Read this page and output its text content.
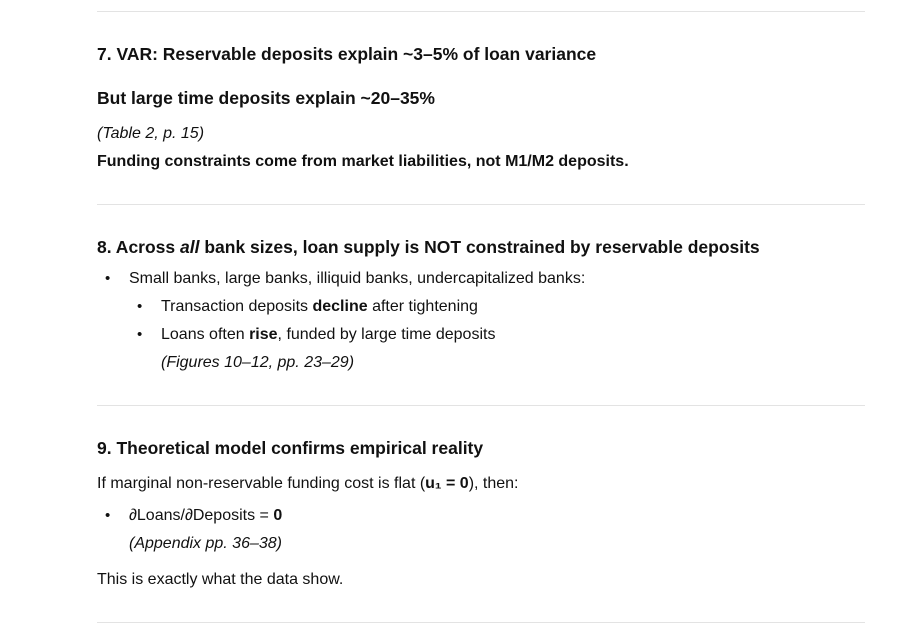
7. VAR: Reservable deposits explain ~3–5% of loan variance
But large time deposits explain ~20–35%

(Table 2, p. 15)

Funding constraints come from market liabilities, not M1/M2 deposits.

8. Across all bank sizes, loan supply is NOT constrained by reservable deposits
• Small banks, large banks, illiquid banks, undercapitalized banks:
• Transaction deposits decline after tightening
• Loans often rise, funded by large time deposits
(Figures 10–12, pp. 23–29)
9. Theoretical model confirms empirical reality

If marginal non-reservable funding cost is flat (u₁ = 0), then:

• ∂Loans/∂Deposits = 0
(Appendix pp. 36–38)

This is exactly what the data show.
